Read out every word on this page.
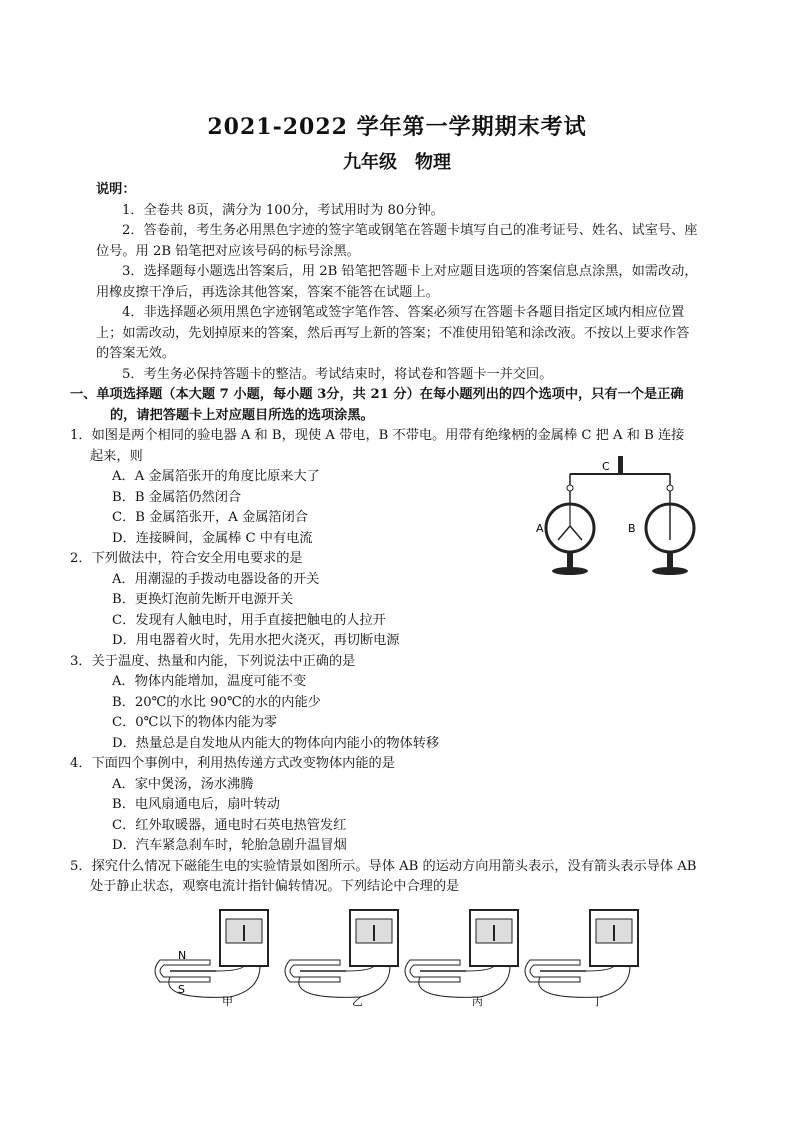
2021-2022 学年第一学期期末考试
九年级　物理
说明：
1．全卷共 8页，满分为 100分，考试用时为 80分钟。
2．答卷前，考生务必用黑色字迹的签字笔或钢笔在答题卡填写自己的准考证号、姓名、试室号、座位号。用 2B 铅笔把对应该号码的标号涂黑。
3．选择题每小题选出答案后，用 2B 铅笔把答题卡上对应题目选项的答案信息点涂黑，如需改动，用橡皮擦干净后，再选涂其他答案，答案不能答在试题上。
4．非选择题必须用黑色字迹钢笔或签字笔作答、答案必须写在答题卡各题目指定区域内相应位置上；如需改动，先划掉原来的答案，然后再写上新的答案；不准使用铅笔和涂改液。不按以上要求作答的答案无效。
5．考生务必保持答题卡的整洁。考试结束时，将试卷和答题卡一并交回。
一、单项选择题（本大题 7 小题，每小题 3分，共 21 分）在每小题列出的四个选项中，只有一个是正确的，请把答题卡上对应题目所选的选项涂黑。
1．如图是两个相同的验电器 A 和 B，现使 A 带电，B 不带电。用带有绝缘柄的金属棒 C 把 A 和 B 连接起来，则
A．A 金属箔张开的角度比原来大了
B．B 金属箔仍然闭合
C．B 金属箔张开，A 金属箔闭合
D．连接瞬间，金属棒 C 中有电流
2．下列做法中，符合安全用电要求的是
A．用潮湿的手拨动电器设备的开关
B．更换灯泡前先断开电源开关
C．发现有人触电时，用手直接把触电的人拉开
D．用电器着火时，先用水把火浇灭，再切断电源
3．关于温度、热量和内能，下列说法中正确的是
A．物体内能增加，温度可能不变
B．20℃的水比 90℃的水的内能少
C．0℃以下的物体内能为零
D．热量总是自发地从内能大的物体向内能小的物体转移
4．下面四个事例中，利用热传递方式改变物体内能的是
A．家中煲汤，汤水沸腾
B．电风扇通电后，扇叶转动
C．红外取暖器，通电时石英电热管发红
D．汽车紧急刹车时，轮胎急剧升温冒烟
5．探究什么情况下磁能生电的实验情景如图所示。导体 AB 的运动方向用箭头表示，没有箭头表示导体 AB 处于静止状态，观察电流计指针偏转情况。下列结论中合理的是
C
A	B
N
S
甲	乙	丙	丁
